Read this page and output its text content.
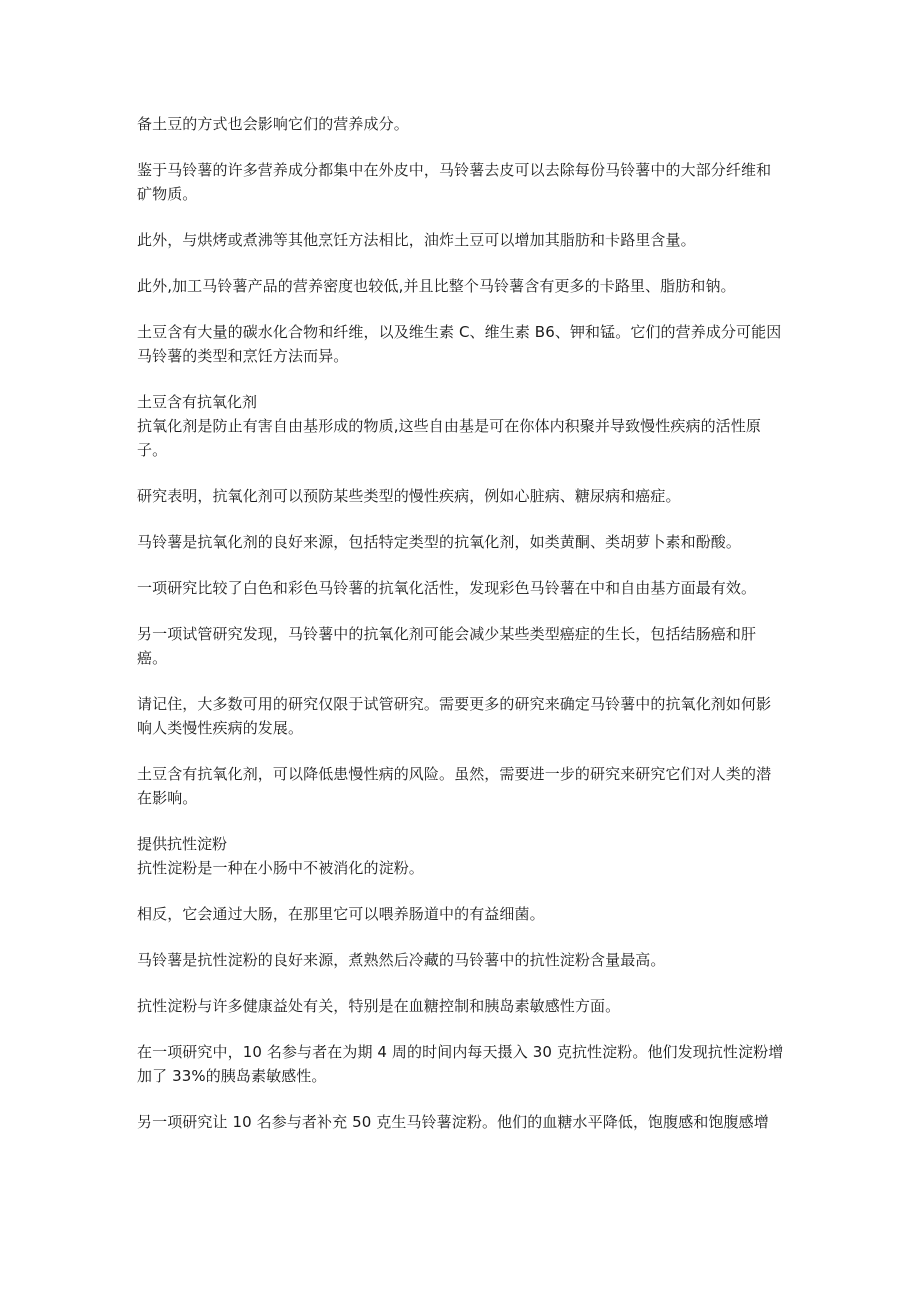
备土豆的方式也会影响它们的营养成分。

鉴于马铃薯的许多营养成分都集中在外皮中，马铃薯去皮可以去除每份马铃薯中的大部分纤维和矿物质。

此外，与烘烤或煮沸等其他烹饪方法相比，油炸土豆可以增加其脂肪和卡路里含量。

此外,加工马铃薯产品的营养密度也较低,并且比整个马铃薯含有更多的卡路里、脂肪和钠。

土豆含有大量的碳水化合物和纤维，以及维生素 C、维生素 B6、钾和锰。它们的营养成分可能因马铃薯的类型和烹饪方法而异。

土豆含有抗氧化剂

抗氧化剂是防止有害自由基形成的物质,这些自由基是可在你体内积聚并导致慢性疾病的活性原子。

研究表明，抗氧化剂可以预防某些类型的慢性疾病，例如心脏病、糖尿病和癌症。

马铃薯是抗氧化剂的良好来源，包括特定类型的抗氧化剂，如类黄酮、类胡萝卜素和酚酸。

一项研究比较了白色和彩色马铃薯的抗氧化活性，发现彩色马铃薯在中和自由基方面最有效。

另一项试管研究发现，马铃薯中的抗氧化剂可能会减少某些类型癌症的生长，包括结肠癌和肝癌。

请记住，大多数可用的研究仅限于试管研究。需要更多的研究来确定马铃薯中的抗氧化剂如何影响人类慢性疾病的发展。

土豆含有抗氧化剂，可以降低患慢性病的风险。虽然，需要进一步的研究来研究它们对人类的潜在影响。

提供抗性淀粉

抗性淀粉是一种在小肠中不被消化的淀粉。

相反，它会通过大肠，在那里它可以喂养肠道中的有益细菌。

马铃薯是抗性淀粉的良好来源，煮熟然后冷藏的马铃薯中的抗性淀粉含量最高。

抗性淀粉与许多健康益处有关，特别是在血糖控制和胰岛素敏感性方面。

在一项研究中，10 名参与者在为期 4 周的时间内每天摄入 30 克抗性淀粉。他们发现抗性淀粉增加了 33%的胰岛素敏感性。

另一项研究让 10 名参与者补充 50 克生马铃薯淀粉。他们的血糖水平降低，饱腹感和饱腹感增
